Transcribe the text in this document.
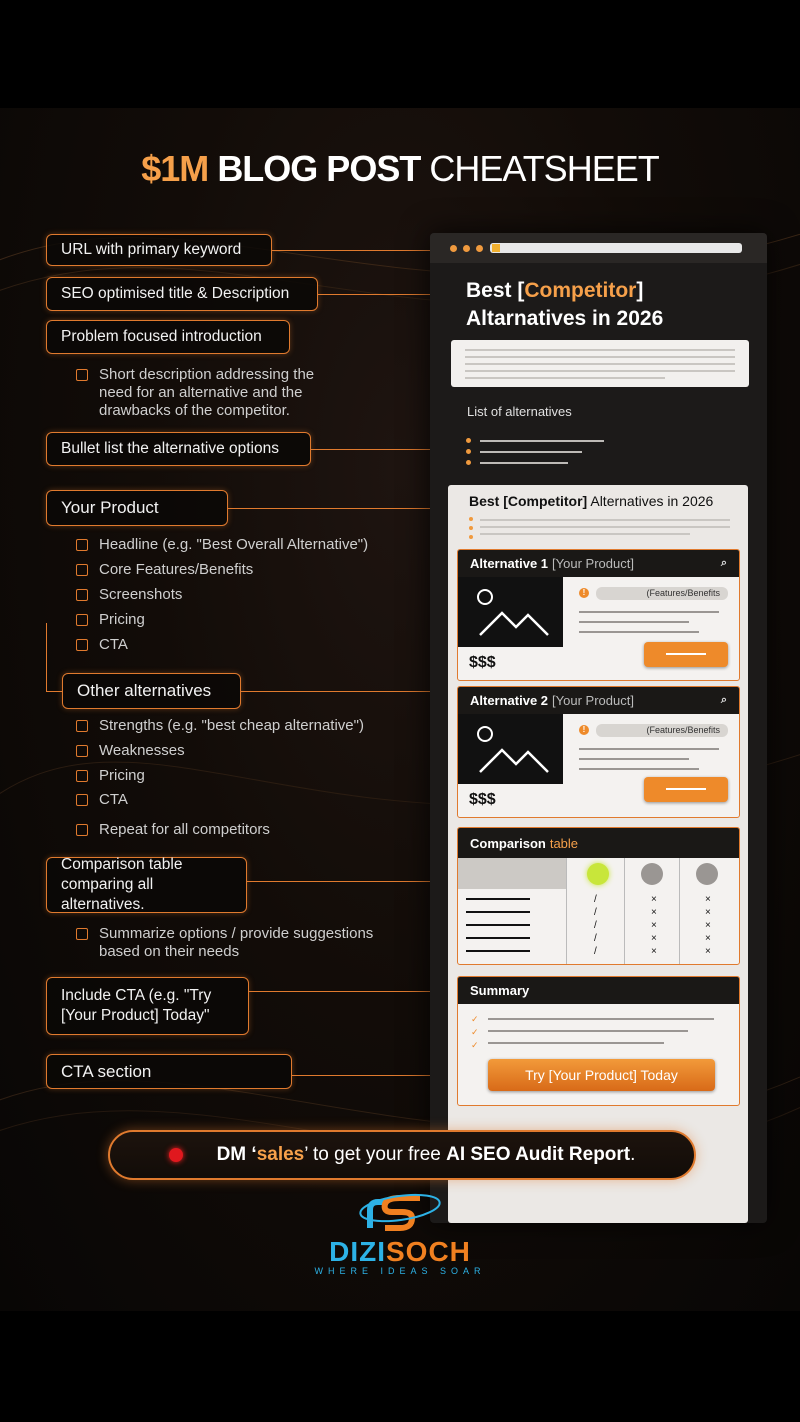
$1M BLOG POST CHEATSHEET
URL with primary keyword
SEO optimised title & Description
Problem focused introduction
Short description addressing the need for an alternative and the drawbacks of the competitor.
Bullet list the alternative options
Your Product
Headline (e.g. "Best Overall Alternative")
Core Features/Benefits
Screenshots
Pricing
CTA
Other alternatives
Strengths (e.g. "best cheap alternative")
Weaknesses
Pricing
CTA
Repeat for all competitors
Comparison table comparing all alternatives.
Summarize options / provide suggestions based on their needs
Include CTA (e.g. "Try [Your Product] Today"
CTA section
Best [Competitor]
Altarnatives in 2026
List of alternatives
Best [Competitor] Alternatives in 2026
Alternative 1 [Your Product]	⌕
!	(Features/Benefits
$$$
Alternative 2 [Your Product]	⌕
!	(Features/Benefits
$$$
Comparison table
/	×	×
/	×	×
/	×	×
/	×	×
/	×	×
Summary
✓
✓
✓
Try [Your Product] Today
DM ‘sales’ to get your free AI SEO Audit Report.
DIZISOCH
WHERE IDEAS SOAR
